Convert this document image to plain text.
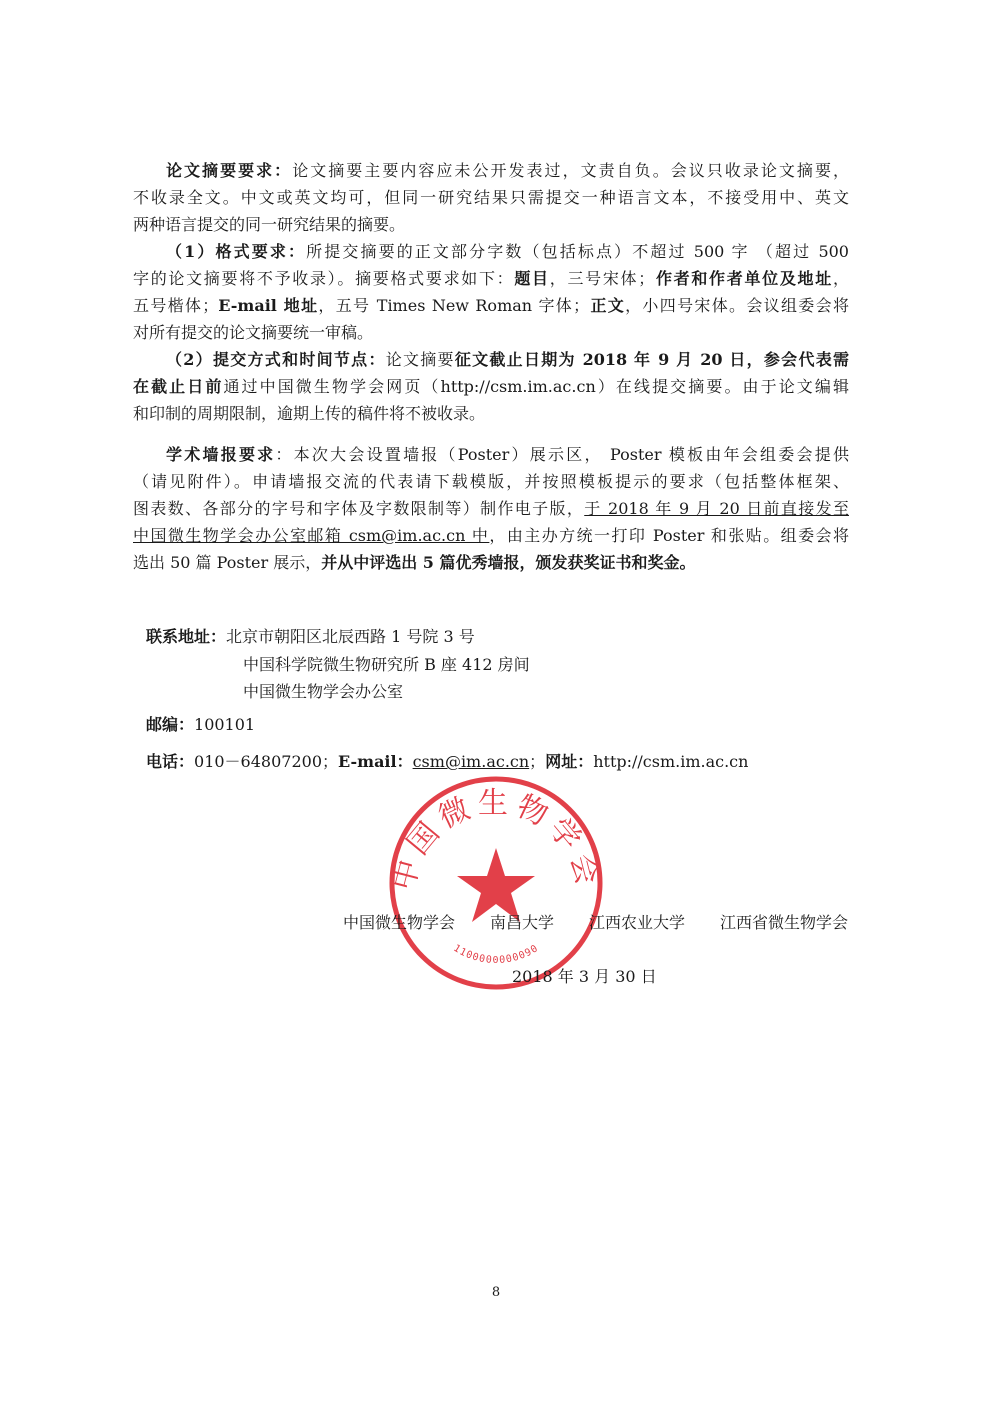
论文摘要要求：论文摘要主要内容应未公开发表过，文责自负。会议只收录论文摘要，
不收录全文。中文或英文均可，但同一研究结果只需提交一种语言文本，不接受用中、英文
两种语言提交的同一研究结果的摘要。
（1）格式要求：所提交摘要的正文部分字数（包括标点）不超过 500 字 （超过 500
字的论文摘要将不予收录）。摘要格式要求如下：题目，三号宋体；作者和作者单位及地址，
五号楷体；E-mail 地址，五号 Times New Roman 字体；正文，小四号宋体。会议组委会将
对所有提交的论文摘要统一审稿。
（2）提交方式和时间节点：论文摘要征文截止日期为 2018 年 9 月 20 日，参会代表需
在截止日前通过中国微生物学会网页（http://csm.im.ac.cn）在线提交摘要。由于论文编辑
和印制的周期限制，逾期上传的稿件将不被收录。
学术墙报要求：本次大会设置墙报（Poster）展示区， Poster 模板由年会组委会提供
（请见附件）。申请墙报交流的代表请下载模版，并按照模板提示的要求（包括整体框架、
图表数、各部分的字号和字体及字数限制等）制作电子版，于 2018 年 9 月 20 日前直接发至
中国微生物学会办公室邮箱 csm@im.ac.cn 中，由主办方统一打印 Poster 和张贴。组委会将
选出 50 篇 Poster 展示，并从中评选出 5 篇优秀墙报，颁发获奖证书和奖金。
联系地址：北京市朝阳区北辰西路 1 号院 3 号
中国科学院微生物研究所 B 座 412 房间
中国微生物学会办公室
邮编：100101
电话：010－64807200；E-mail：csm@im.ac.cn；网址：http://csm.im.ac.cn
中国微生物学会
1100000000090
中国微生物学会 南昌大学 江西农业大学 江西省微生物学会
2018 年 3 月 30 日
8
